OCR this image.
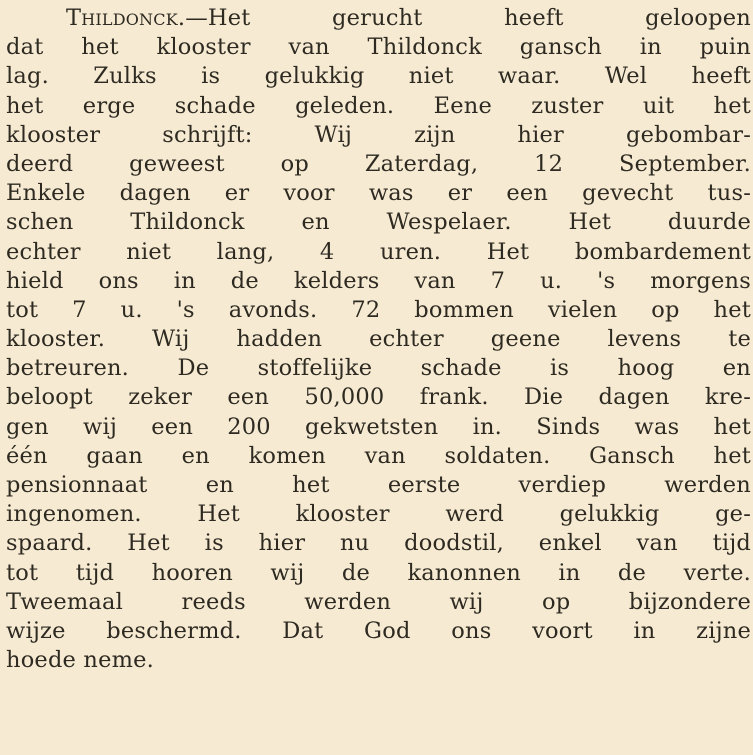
Thildonck.—Het gerucht heeft geloopen
dat het klooster van Thildonck gansch in puin
lag. Zulks is gelukkig niet waar. Wel heeft
het erge schade geleden. Eene zuster uit het
klooster schrijft: Wij zijn hier gebombar-
deerd geweest op Zaterdag, 12 September.
Enkele dagen er voor was er een gevecht tus-
schen Thildonck en Wespelaer. Het duurde
echter niet lang, 4 uren. Het bombardement
hield ons in de kelders van 7 u. 's morgens
tot 7 u. 's avonds. 72 bommen vielen op het
klooster. Wij hadden echter geene levens te
betreuren. De stoffelijke schade is hoog en
beloopt zeker een 50,000 frank. Die dagen kre-
gen wij een 200 gekwetsten in. Sinds was het
één gaan en komen van soldaten. Gansch het
pensionnaat en het eerste verdiep werden
ingenomen. Het klooster werd gelukkig ge-
spaard. Het is hier nu doodstil, enkel van tijd
tot tijd hooren wij de kanonnen in de verte.
Tweemaal reeds werden wij op bijzondere
wijze beschermd. Dat God ons voort in zijne
hoede neme.
